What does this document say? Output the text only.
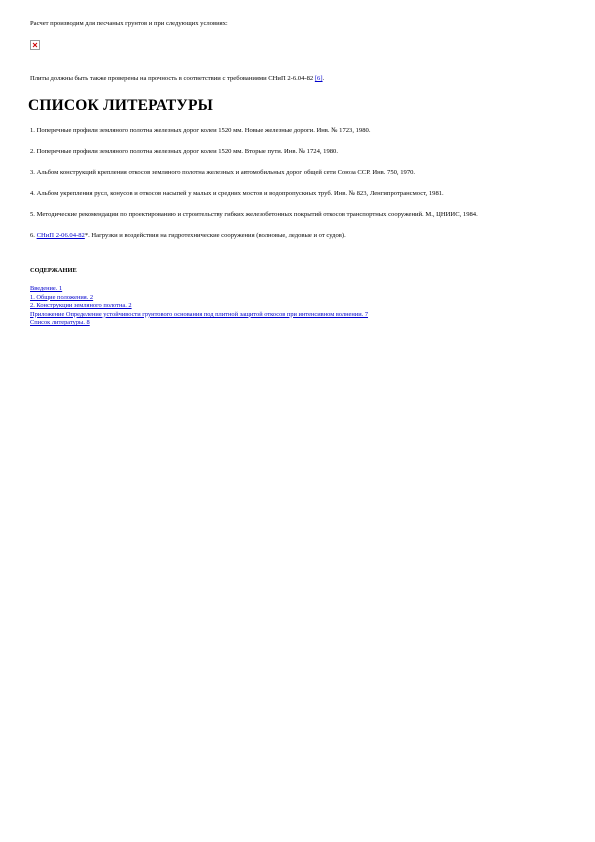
Расчет производим для песчаных грунтов и при следующих условиях:

Плиты должны быть также проверены на прочность в соответствии с требованиями СНиП 2-6.04-82 [6].

СПИСОК ЛИТЕРАТУРЫ

1. Поперечные профили земляного полотна железных дорог колеи 1520 мм. Новые железные дороги. Инв. № 1723, 1980.

2. Поперечные профили земляного полотна железных дорог колеи 1520 мм. Вторые пути. Инв. № 1724, 1980.

3. Альбом конструкций крепления откосов земляного полотна железных и автомобильных дорог общей сети Союза ССР. Инв. 750, 1970.

4. Альбом укрепления русл, конусов и откосов насыпей у малых и средних мостов и водопропускных труб. Инв. № 823, Ленгипротрансмост, 1981.

5. Методические рекомендации по проектированию и строительству гибких железобетонных покрытий откосов транспортных сооружений. М., ЦНИИС, 1984.

6. СНиП 2-06.04-82*. Нагрузки и воздействия на гидротехнические сооружения (волновые, ледовые и от судов).

СОДЕРЖАНИЕ

Введение. 1
1. Общие положения. 2
2. Конструкции земляного полотна. 2
Приложение Определение устойчивости грунтового основания под плитной защитой откосов при интенсивном волнении. 7
Список литературы. 8
